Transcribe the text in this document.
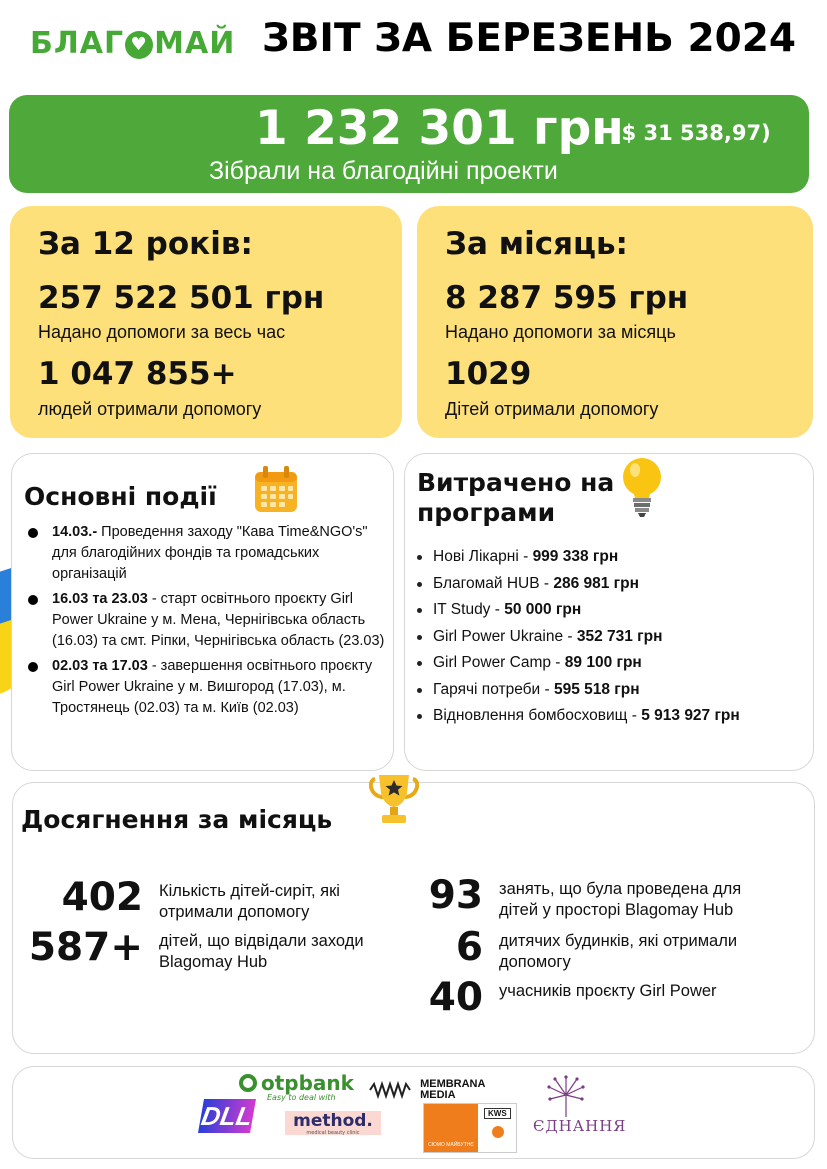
БЛАГ ♥ МАЙ ЗВІТ ЗА БЕРЕЗЕНЬ 2024
1 232 301 грн
($ 31 538,97)
Зібрали на благодійні проекти
За 12 років:
257 522 501 грн
Надано допомоги за весь час
1 047 855+
людей отримали допомогу
За місяць:
8 287 595 грн
Надано допомоги за місяць
1029
Дітей отримали допомогу
Основні події
14.03.- Проведення заходу "Кава Time&NGO's" для благодійних фондів та громадських організацій
16.03 та 23.03 - старт освітнього проєкту Girl Power Ukraine у м. Мена, Чернігівська область (16.03) та смт. Ріпки, Чернігівська область (23.03)
02.03 та 17.03 - завершення освітнього проєкту Girl Power Ukraine у м. Вишгород (17.03), м. Тростянець (02.03) та м. Київ (02.03)
Витрачено на програми
Нові Лікарні - 999 338 грн
Благомай HUB - 286 981 грн
IT Study - 50 000 грн
Girl Power Ukraine - 352 731 грн
Girl Power Camp - 89 100 грн
Гарячі потреби - 595 518 грн
Відновлення бомбосховищ - 5 913 927 грн
Досягнення за місяць
402 Кількість дітей-сиріт, які отримали допомогу
587+ дітей, що відвідали заходи Blagomay Hub
93 занять, що була проведена для дітей у просторі Blagomay Hub
6 дитячих будинків, які отримали допомогу
40 учасників проєкту Girl Power
otpbank
Easy to deal with
MEMBRANA
MEDIA
DLL	method.
medical beauty clinic
СЮМО МАЙБУТНЄ
KWS
ЄДНАННЯ
